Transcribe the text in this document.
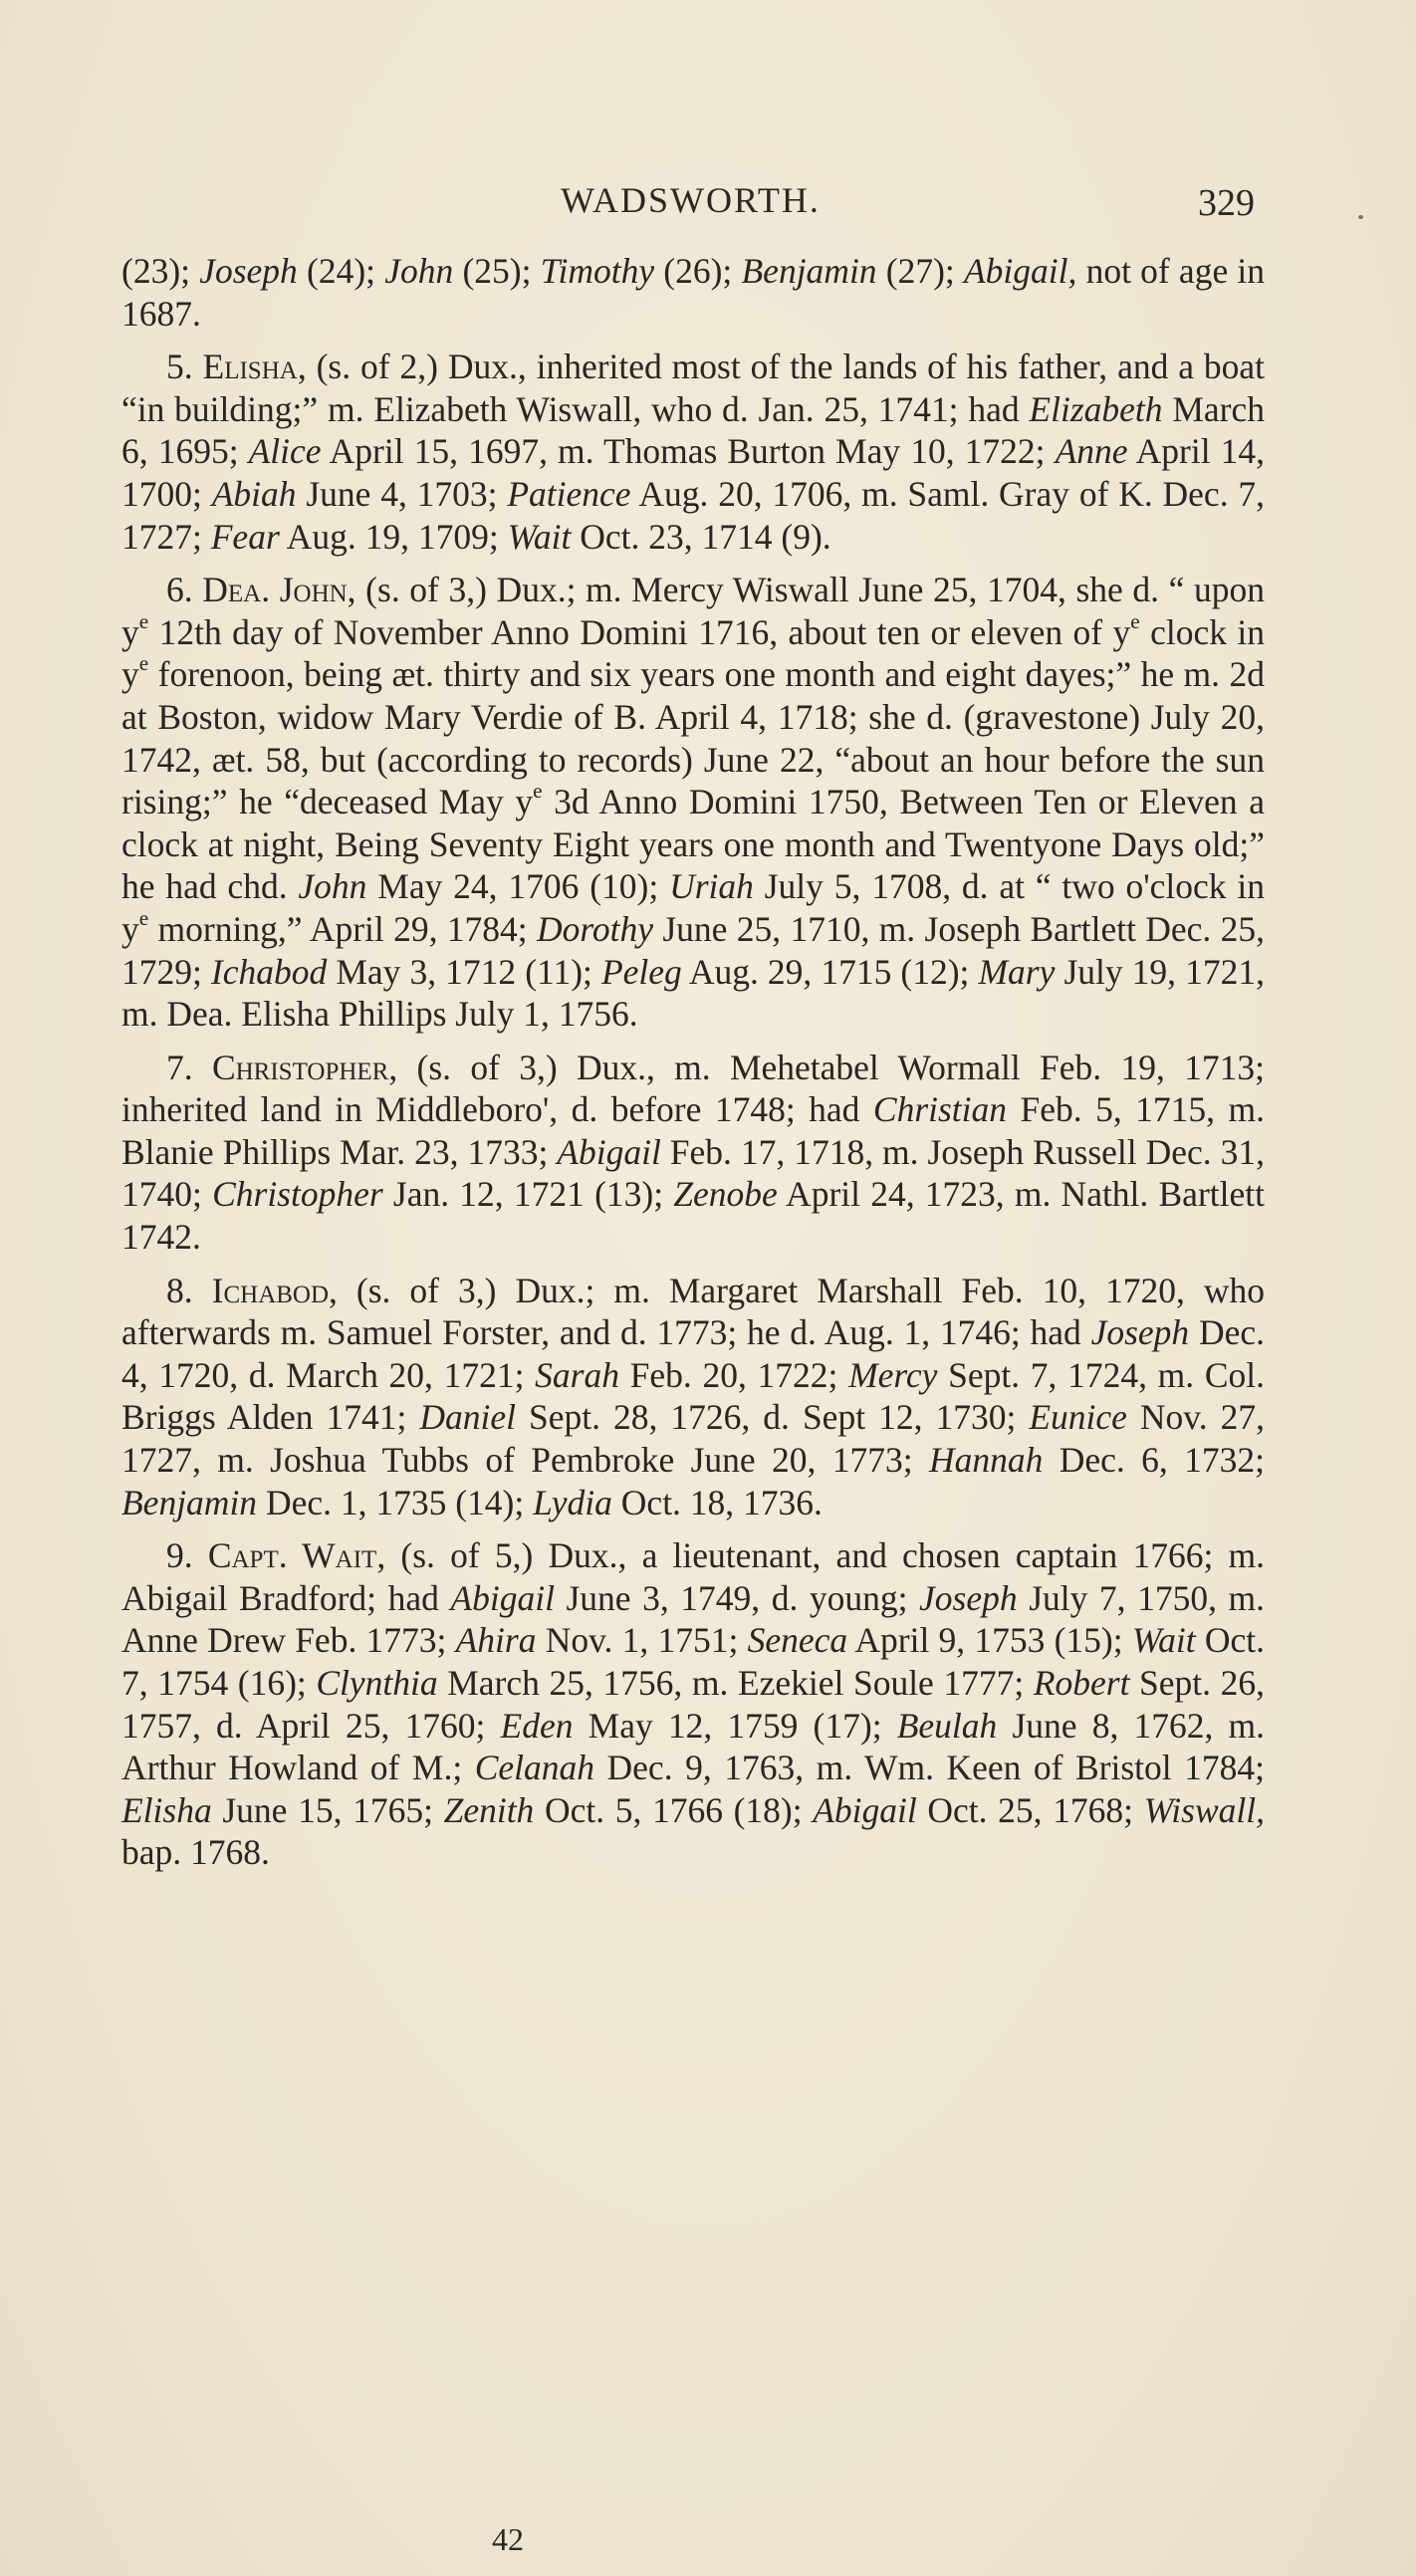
WADSWORTH.	329

(23); Joseph (24); John (25); Timothy (26); Benjamin (27); Abigail, not of age in 1687.

5. Elisha, (s. of 2,) Dux., inherited most of the lands of his father, and a boat “in building;” m. Elizabeth Wiswall, who d. Jan. 25, 1741; had Elizabeth March 6, 1695; Alice April 15, 1697, m. Thomas Burton May 10, 1722; Anne April 14, 1700; Abiah June 4, 1703; Patience Aug. 20, 1706, m. Saml. Gray of K. Dec. 7, 1727; Fear Aug. 19, 1709; Wait Oct. 23, 1714 (9).

6. Dea. John, (s. of 3,) Dux.; m. Mercy Wiswall June 25, 1704, she d. “ upon $y^e$ 12th day of November Anno Domini 1716, about ten or eleven of $y^e$ clock in $y^e$ forenoon, being æt. thirty and six years one month and eight dayes;” he m. 2d at Boston, widow Mary Verdie of B. April 4, 1718; she d. (gravestone) July 20, 1742, æt. 58, but (according to records) June 22, “about an hour before the sun rising;” he “deceased May $y^e$ 3d Anno Domini 1750, Between Ten or Eleven a clock at night, Being Seventy Eight years one month and Twentyone Days old;” he had chd. John May 24, 1706 (10); Uriah July 5, 1708, d. at “ two o'clock in $y^e$ morning,” April 29, 1784; Dorothy June 25, 1710, m. Joseph Bartlett Dec. 25, 1729; Ichabod May 3, 1712 (11); Peleg Aug. 29, 1715 (12); Mary July 19, 1721, m. Dea. Elisha Phillips July 1, 1756.

7. Christopher, (s. of 3,) Dux., m. Mehetabel Wormall Feb. 19, 1713; inherited land in Middleboro', d. before 1748; had Christian Feb. 5, 1715, m. Blanie Phillips Mar. 23, 1733; Abigail Feb. 17, 1718, m. Joseph Russell Dec. 31, 1740; Christopher Jan. 12, 1721 (13); Zenobe April 24, 1723, m. Nathl. Bartlett 1742.

8. Ichabod, (s. of 3,) Dux.; m. Margaret Marshall Feb. 10, 1720, who afterwards m. Samuel Forster, and d. 1773; he d. Aug. 1, 1746; had Joseph Dec. 4, 1720, d. March 20, 1721; Sarah Feb. 20, 1722; Mercy Sept. 7, 1724, m. Col. Briggs Alden 1741; Daniel Sept. 28, 1726, d. Sept 12, 1730; Eunice Nov. 27, 1727, m. Joshua Tubbs of Pembroke June 20, 1773; Hannah Dec. 6, 1732; Benjamin Dec. 1, 1735 (14); Lydia Oct. 18, 1736.

9. Capt. Wait, (s. of 5,) Dux., a lieutenant, and chosen captain 1766; m. Abigail Bradford; had Abigail June 3, 1749, d. young; Joseph July 7, 1750, m. Anne Drew Feb. 1773; Ahira Nov. 1, 1751; Seneca April 9, 1753 (15); Wait Oct. 7, 1754 (16); Clynthia March 25, 1756, m. Ezekiel Soule 1777; Robert Sept. 26, 1757, d. April 25, 1760; Eden May 12, 1759 (17); Beulah June 8, 1762, m. Arthur Howland of M.; Celanah Dec. 9, 1763, m. Wm. Keen of Bristol 1784; Elisha June 15, 1765; Zenith Oct. 5, 1766 (18); Abigail Oct. 25, 1768; Wiswall, bap. 1768.

42
